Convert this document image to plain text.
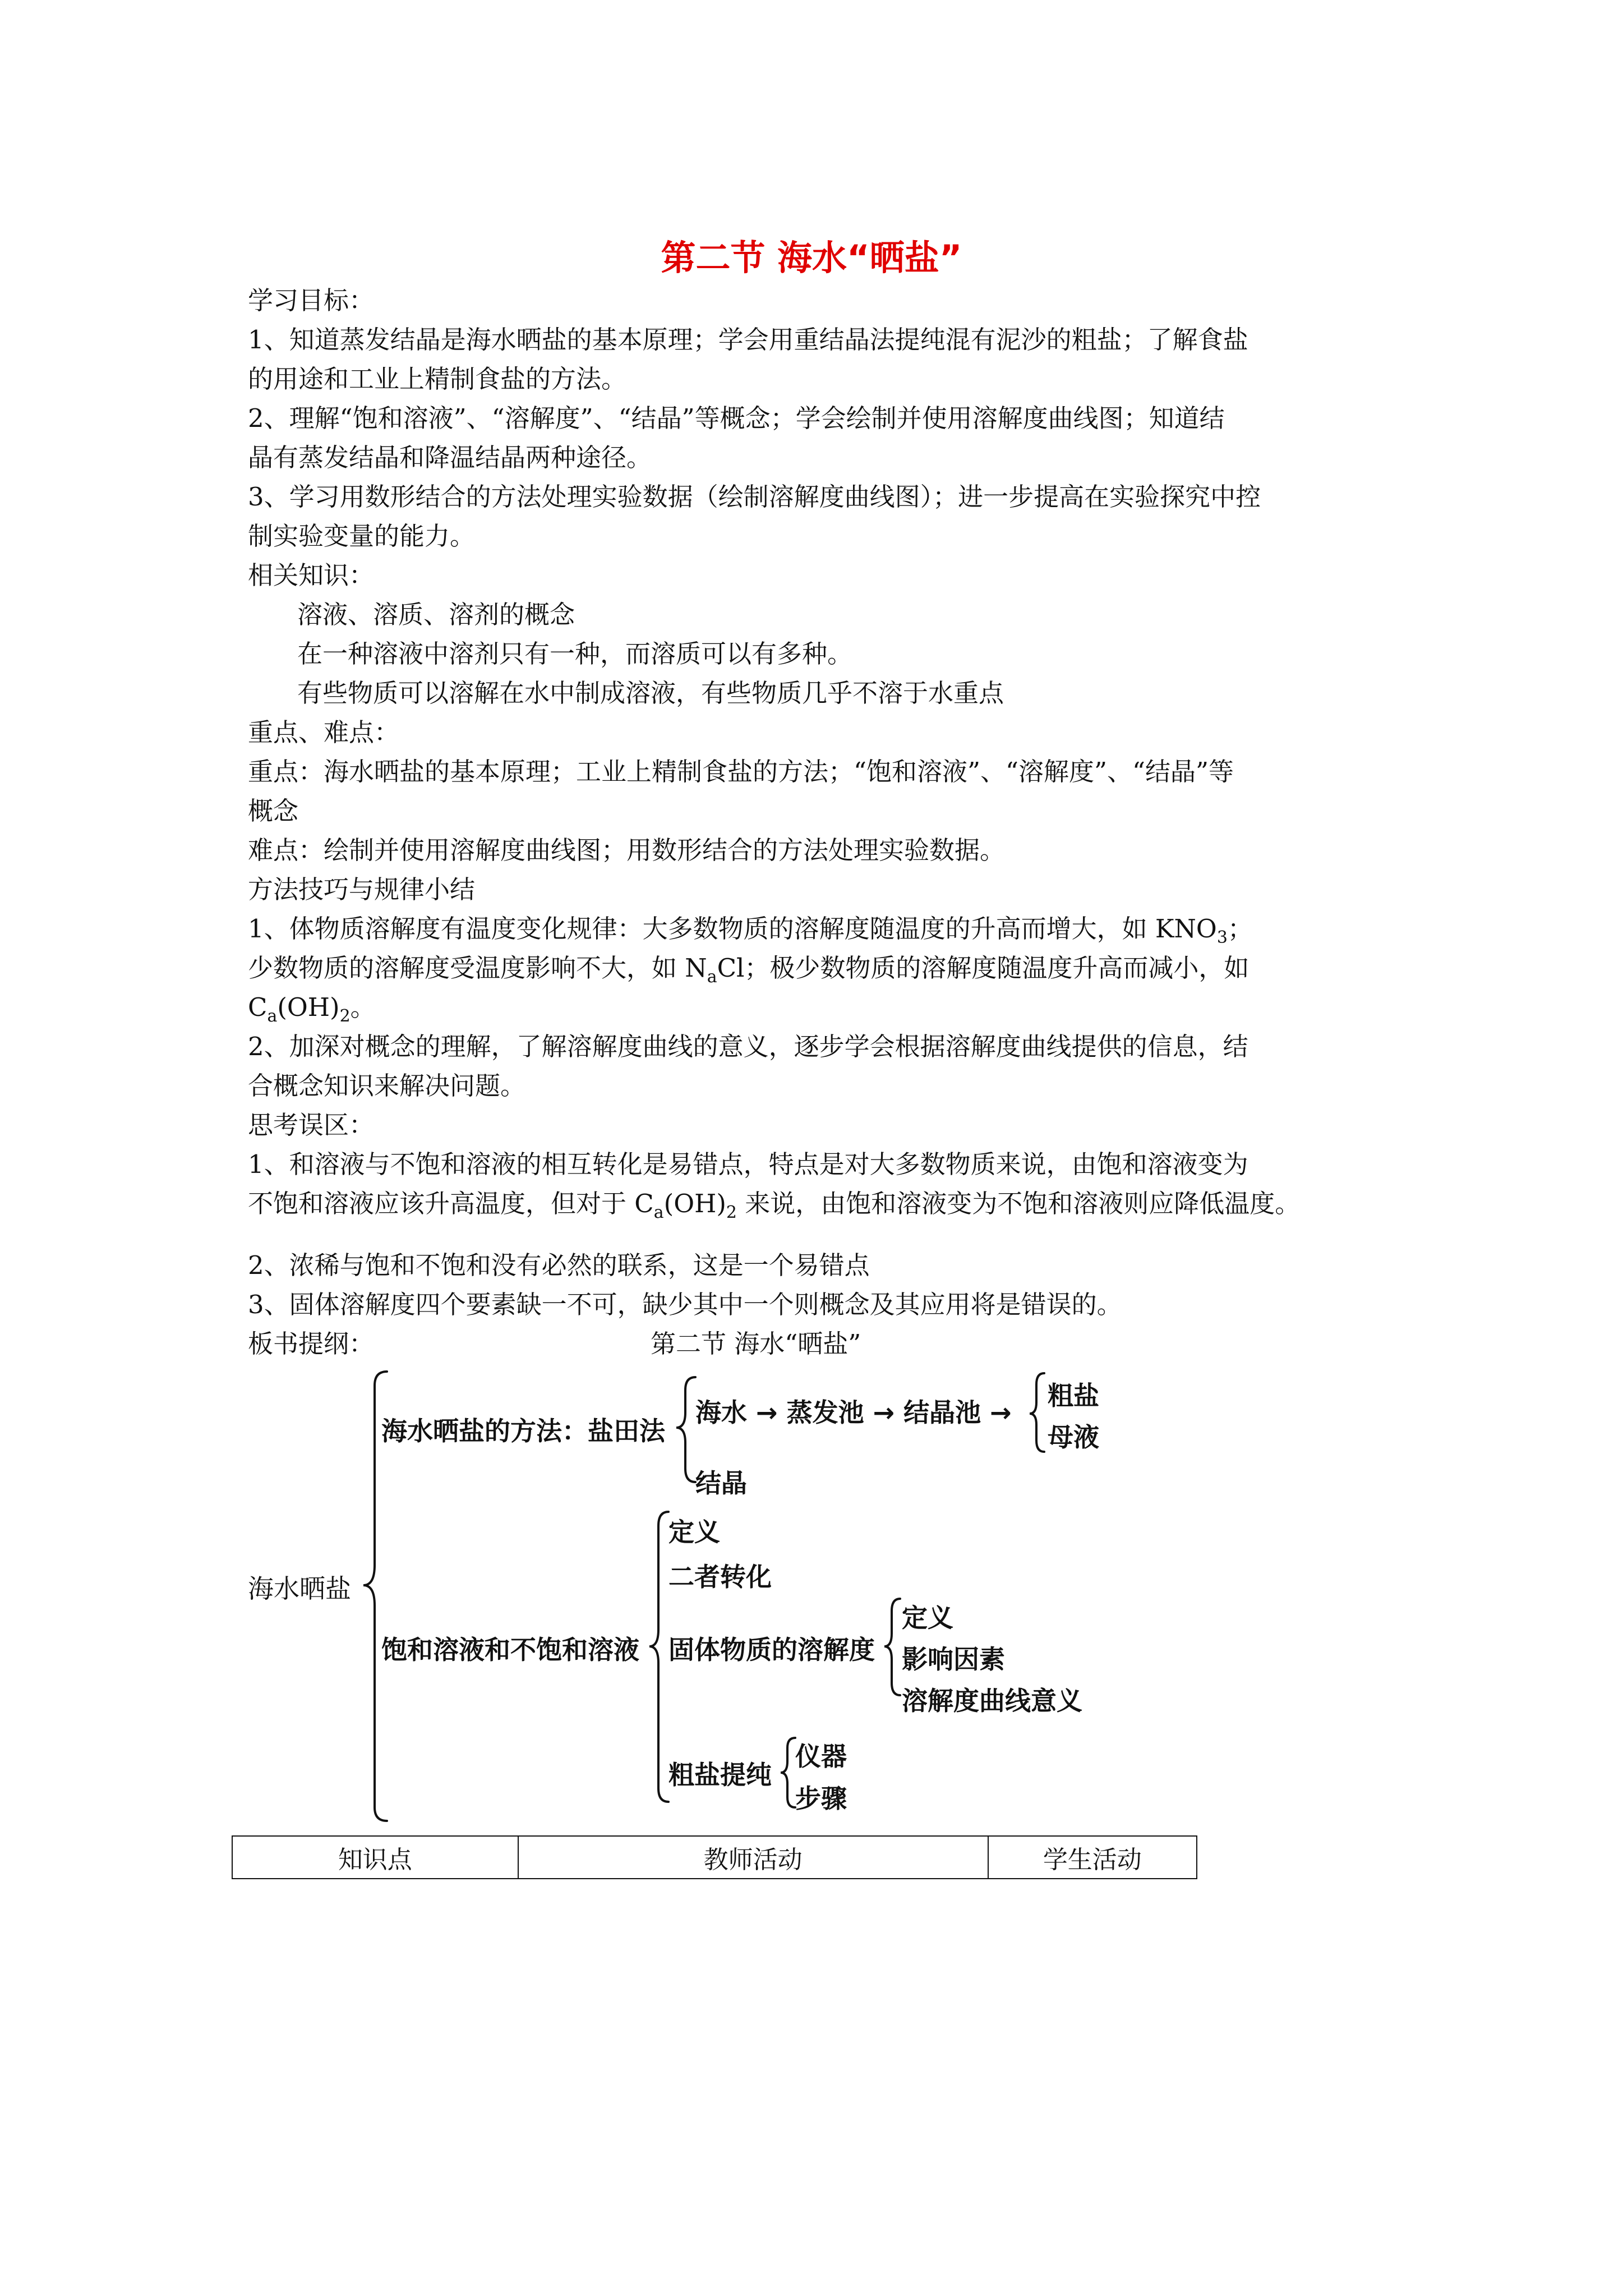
第二节 海水“晒盐”
学习目标：
1、知道蒸发结晶是海水晒盐的基本原理；学会用重结晶法提纯混有泥沙的粗盐；了解食盐
的用途和工业上精制食盐的方法。
2、理解“饱和溶液”、“溶解度”、“结晶”等概念；学会绘制并使用溶解度曲线图；知道结
晶有蒸发结晶和降温结晶两种途径。
3、学习用数形结合的方法处理实验数据（绘制溶解度曲线图）；进一步提高在实验探究中控
制实验变量的能力。
相关知识：
溶液、溶质、溶剂的概念
在一种溶液中溶剂只有一种，而溶质可以有多种。
有些物质可以溶解在水中制成溶液，有些物质几乎不溶于水重点
重点、难点：
重点：海水晒盐的基本原理；工业上精制食盐的方法；“饱和溶液”、“溶解度”、“结晶”等
概念
难点：绘制并使用溶解度曲线图；用数形结合的方法处理实验数据。
方法技巧与规律小结
1、体物质溶解度有温度变化规律：大多数物质的溶解度随温度的升高而增大，如 $KNO_3$；
少数物质的溶解度受温度影响不大，如 $N_aCl$；极少数物质的溶解度随温度升高而减小，如
$C_a(OH)_2$。
2、加深对概念的理解，了解溶解度曲线的意义，逐步学会根据溶解度曲线提供的信息，结
合概念知识来解决问题。
思考误区：
1、和溶液与不饱和溶液的相互转化是易错点，特点是对大多数物质来说，由饱和溶液变为
不饱和溶液应该升高温度，但对于 $C_a(OH)_2$ 来说，由饱和溶液变为不饱和溶液则应降低温度。
2、浓稀与饱和不饱和没有必然的联系，这是一个易错点
3、固体溶解度四个要素缺一不可，缺少其中一个则概念及其应用将是错误的。
板书提纲：	第二节 海水“晒盐”
海水晒盐
海水晒盐的方法：盐田法
海水 → 蒸发池 → 结晶池 →
粗盐
母液
结晶
饱和溶液和不饱和溶液
定义
二者转化
固体物质的溶解度
定义
影响因素
溶解度曲线意义
粗盐提纯
仪器
步骤
知识点	教师活动	学生活动
